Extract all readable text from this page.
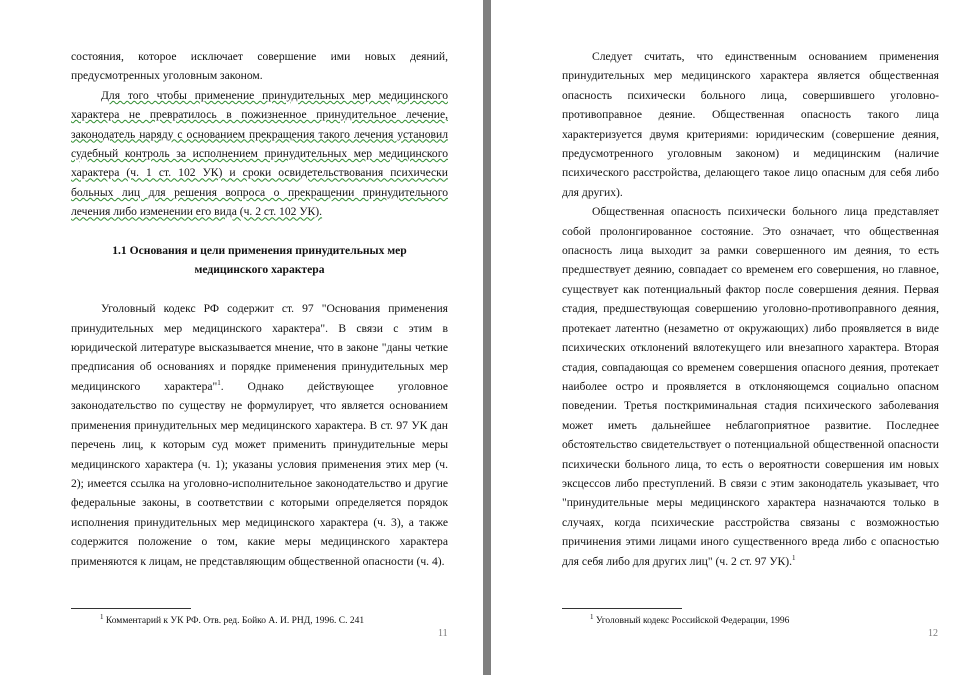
состояния, которое исключает совершение ими новых деяний, предусмотренных уголовным законом.

Для того чтобы применение принудительных мер медицинского характера не превратилось в пожизненное принудительное лечение, законодатель наряду с основанием прекращения такого лечения установил судебный контроль за исполнением принудительных мер медицинского характера (ч. 1 ст. 102 УК) и сроки освидетельствования психически больных лиц для решения вопроса о прекращении принудительного лечения либо изменении его вида (ч. 2 ст. 102 УК).

1.1 Основания и цели применения принудительных мер

медицинского характера

Уголовный кодекс РФ содержит ст. 97 "Основания применения принудительных мер медицинского характера". В связи с этим в юридической литературе высказывается мнение, что в законе "даны четкие предписания об основаниях и порядке применения принудительных мер медицинского характера"$^1$. Однако действующее уголовное законодательство по существу не формулирует, что является основанием применения принудительных мер медицинского характера. В ст. 97 УК дан перечень лиц, к которым суд может применить принудительные меры медицинского характера (ч. 1); указаны условия применения этих мер (ч. 2); имеется ссылка на уголовно-исполнительное законодательство и другие федеральные законы, в соответствии с которыми определяется порядок исполнения принудительных мер медицинского характера (ч. 3), а также содержится положение о том, какие меры медицинского характера применяются к лицам, не представляющим общественной опасности (ч. 4).

$^1$ Комментарий к УК РФ. Отв. ред. Бойко А. И. РНД, 1996. С. 241
11

Следует считать, что единственным основанием применения принудительных мер медицинского характера является общественная опасность психически больного лица, совершившего уголовно-противоправное деяние. Общественная опасность такого лица характеризуется двумя критериями: юридическим (совершение деяния, предусмотренного уголовным законом) и медицинским (наличие психического расстройства, делающего такое лицо опасным для себя либо для других).

Общественная опасность психически больного лица представляет собой пролонгированное состояние. Это означает, что общественная опасность лица выходит за рамки совершенного им деяния, то есть предшествует деянию, совпадает со временем его совершения, но главное, существует как потенциальный фактор после совершения деяния. Первая стадия, предшествующая совершению уголовно-противоправного деяния, протекает латентно (незаметно от окружающих) либо проявляется в виде психических отклонений вялотекущего или внезапного характера. Вторая стадия, совпадающая со временем совершения опасного деяния, протекает наиболее остро и проявляется в отклоняющемся социально опасном поведении. Третья посткриминальная стадия психического заболевания может иметь дальнейшее неблагоприятное развитие. Последнее обстоятельство свидетельствует о потенциальной общественной опасности психически больного лица, то есть о вероятности совершения им новых эксцессов либо преступлений. В связи с этим законодатель указывает, что "принудительные меры медицинского характера назначаются только в случаях, когда психические расстройства связаны с возможностью причинения этими лицами иного существенного вреда либо с опасностью для себя либо для других лиц" (ч. 2 ст. 97 УК).$^1$

$^1$ Уголовный кодекс Российской Федерации, 1996
12
